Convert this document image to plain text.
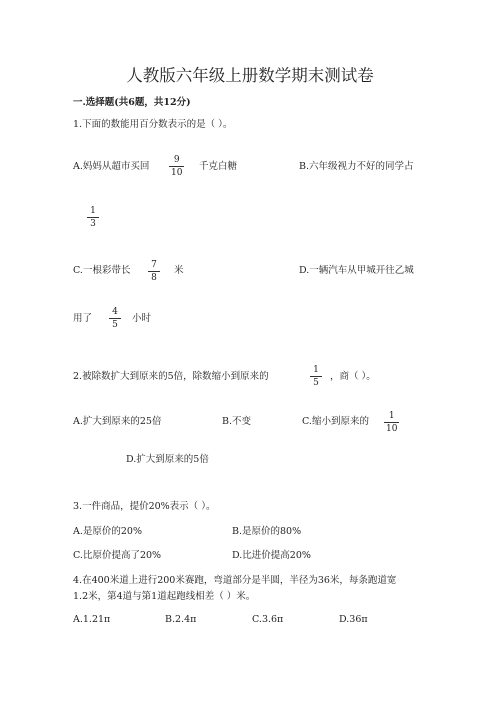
人教版六年级上册数学期末测试卷
一.选择题(共6题，共12分)
1.下面的数能用百分数表示的是（ ）。
A.妈妈从超市买回
9
10
千克白糖	B.六年级视力不好的同学占
1
3
C.一根彩带长 7
8
米	D.一辆汽车从甲城开往乙城
用了
4
5
小时
2.被除数扩大到原来的5倍，除数缩小到原来的
1
5
，商（ ）。
A.扩大到原来的25倍	B.不变	C.缩小到原来的 1
10
D.扩大到原来的5倍
3.一件商品，提价20%表示（ ）。
A.是原价的20%	B.是原价的80%
C.比原价提高了20%	D.比进价提高20%
4.在400米道上进行200米赛跑，弯道部分是半圆，半径为36米，每条跑道宽
1.2米，第4道与第1道起跑线相差（ ）米。
A.1.21π	B.2.4π	C.3.6π	D.36π
